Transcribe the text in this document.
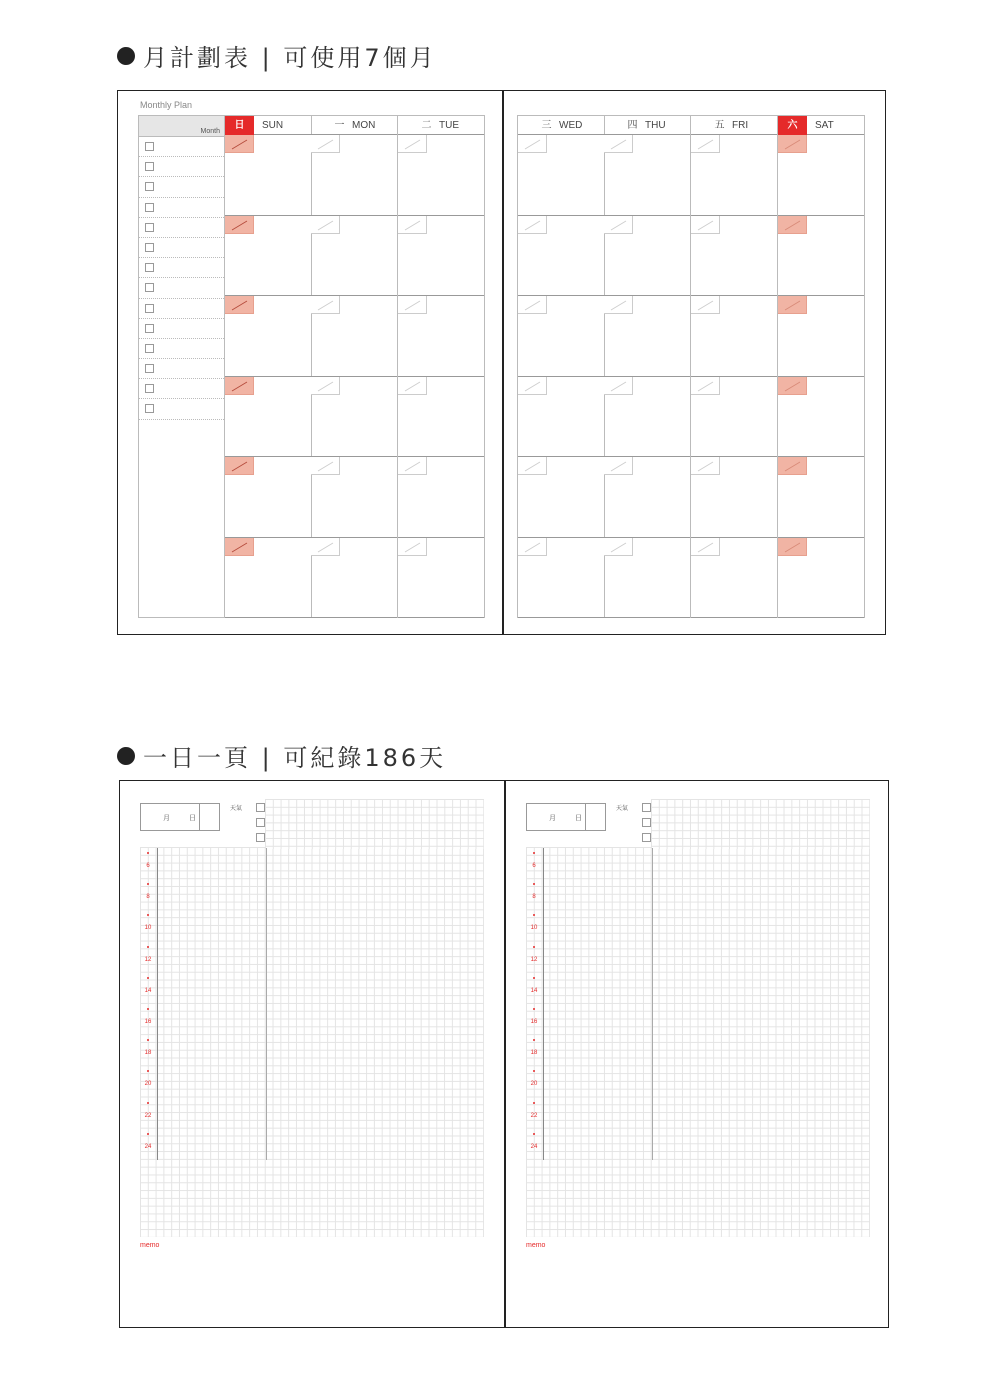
月計劃表 | 可使用7個月
Monthly Plan
Month
日	SUN	一 MON	二 TUE	三 WED	四 THU	五 FRI	六	SAT
一日一頁 | 可紀錄186天
月	日
天氣
6
8
10
12
14
16
18
20
22
24
memo
月	日
天氣
6
8
10
12
14
16
18
20
22
24
memo
